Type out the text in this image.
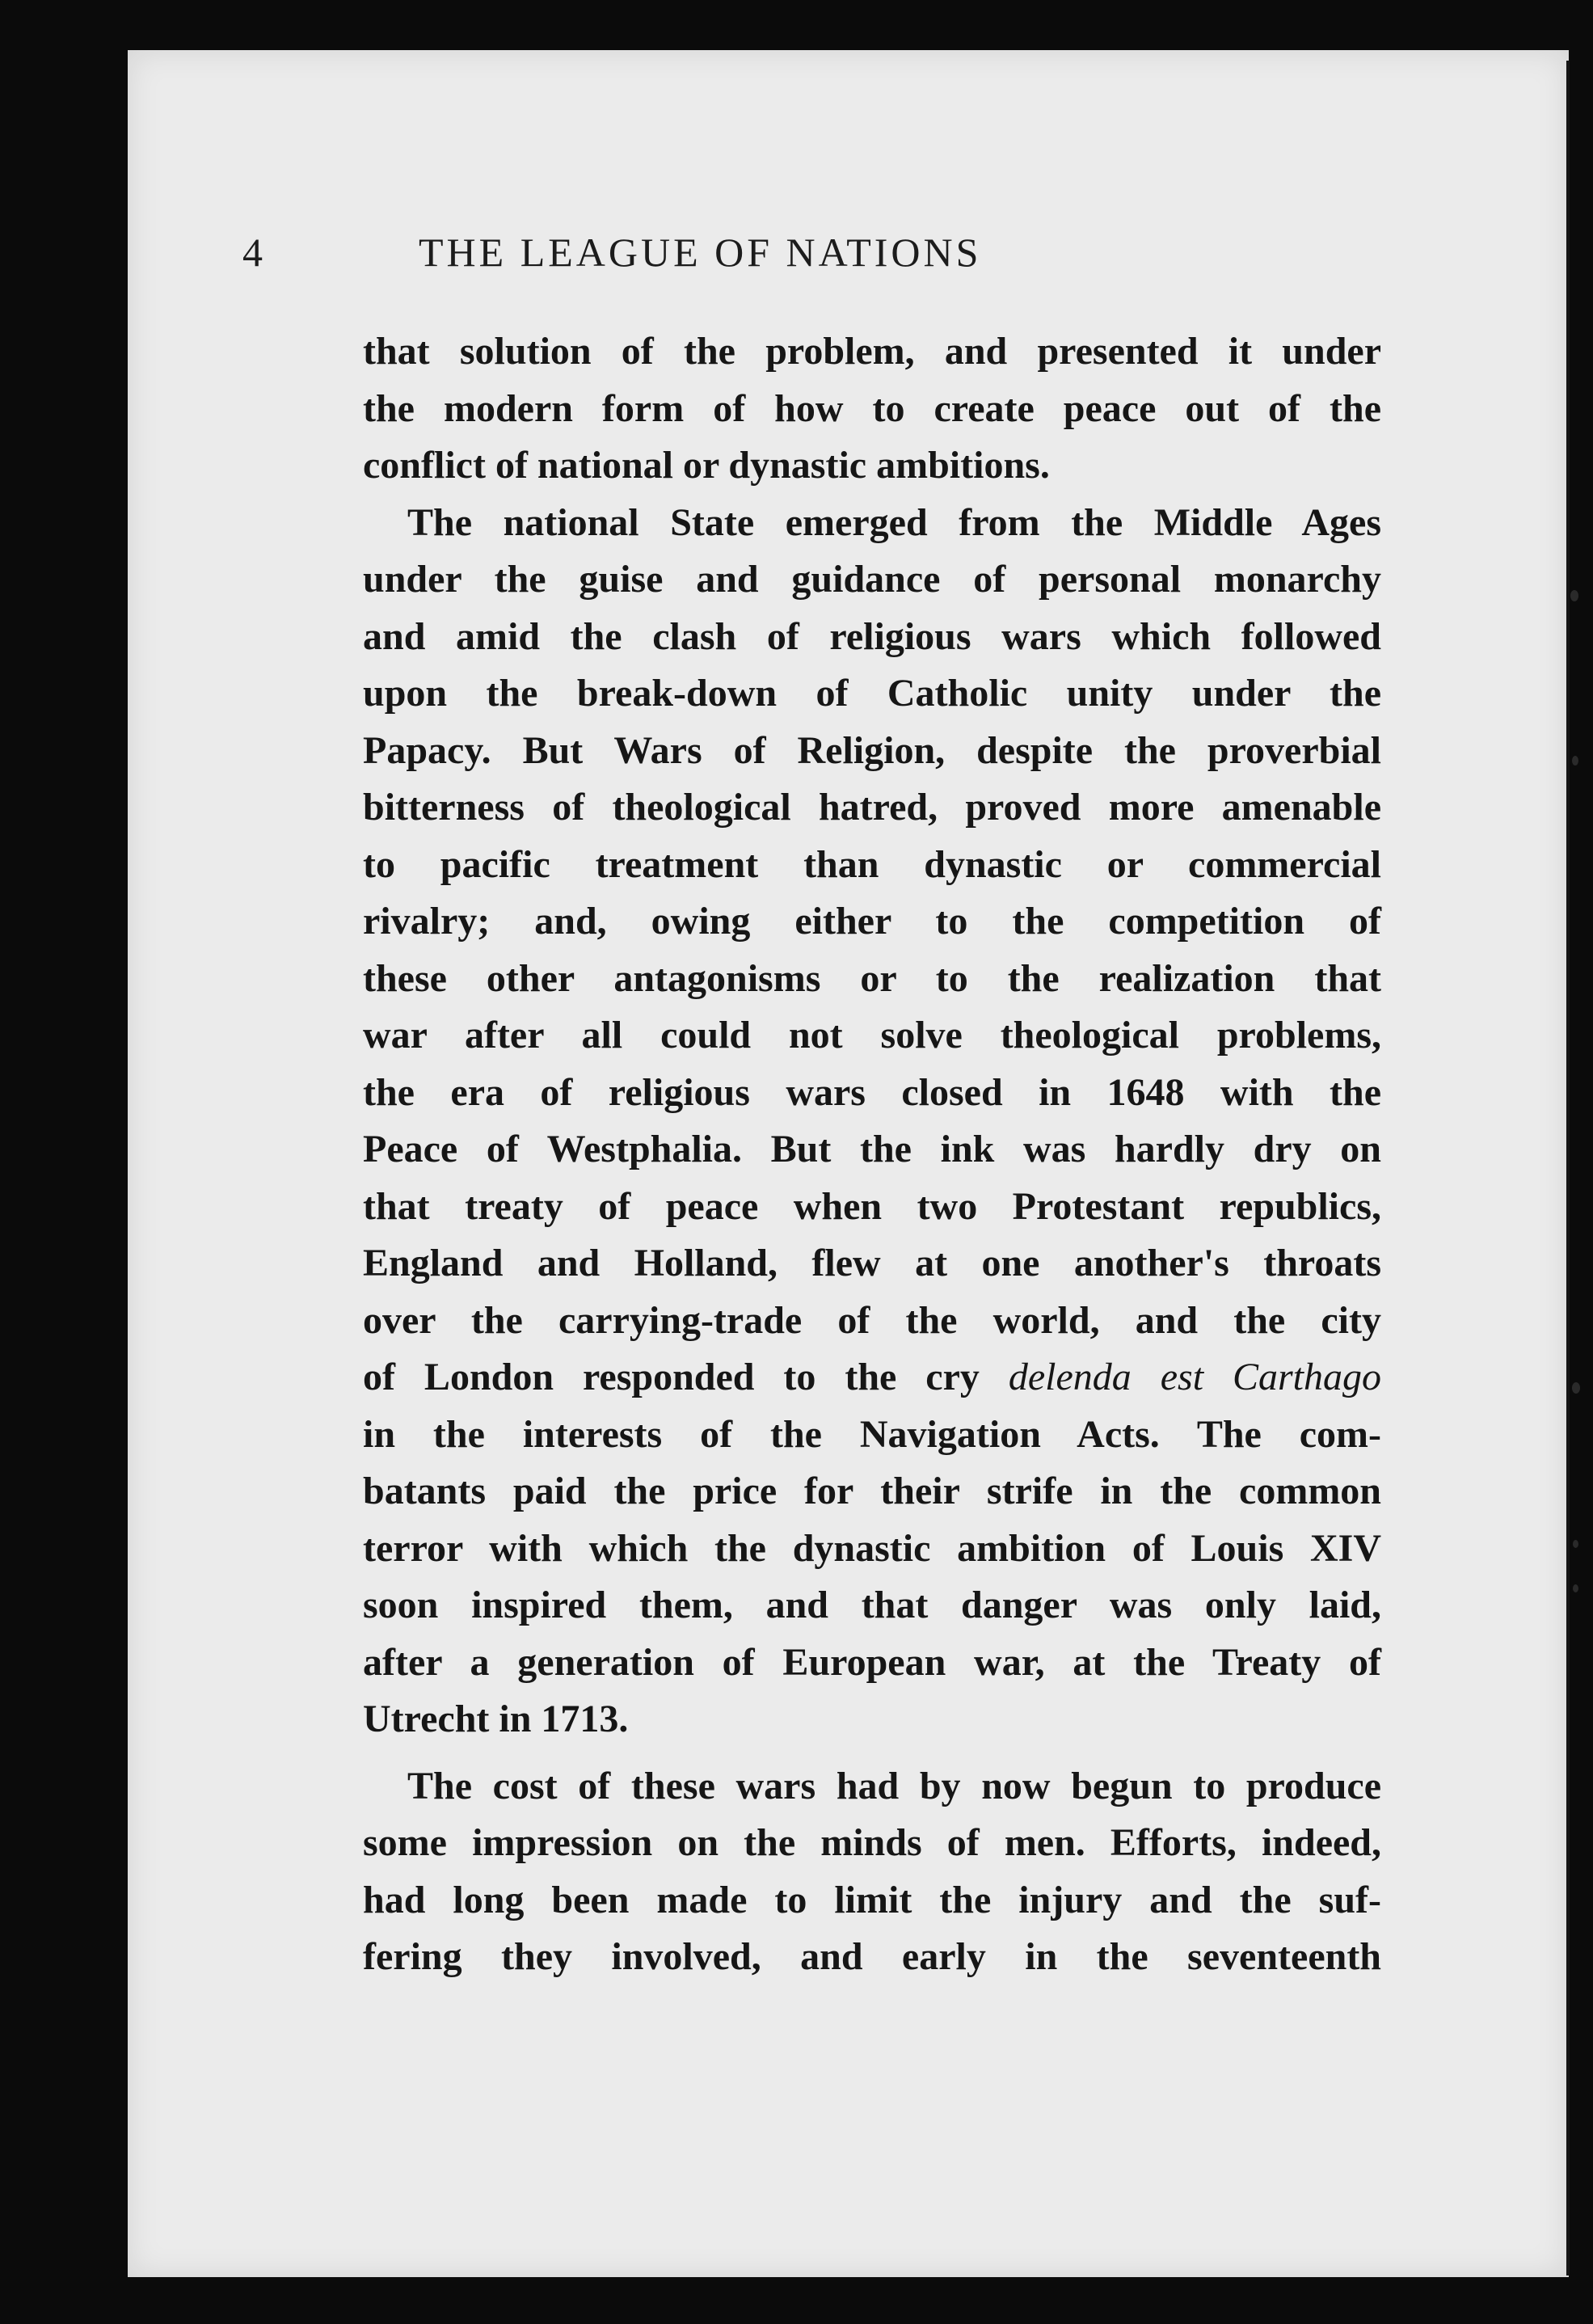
4	THE LEAGUE OF NATIONS
that solution of the problem, and presented it under
the modern form of how to create peace out of the
conflict of national or dynastic ambitions.
The national State emerged from the Middle Ages
under the guise and guidance of personal monarchy
and amid the clash of religious wars which followed
upon the break-down of Catholic unity under the
Papacy. But Wars of Religion, despite the proverbial
bitterness of theological hatred, proved more amenable
to pacific treatment than dynastic or commercial
rivalry; and, owing either to the competition of
these other antagonisms or to the realization that
war after all could not solve theological problems,
the era of religious wars closed in 1648 with the
Peace of Westphalia. But the ink was hardly dry on
that treaty of peace when two Protestant republics,
England and Holland, flew at one another's throats
over the carrying-trade of the world, and the city
of London responded to the cry delenda est Carthago
in the interests of the Navigation Acts. The com-
batants paid the price for their strife in the common
terror with which the dynastic ambition of Louis XIV
soon inspired them, and that danger was only laid,
after a generation of European war, at the Treaty of
Utrecht in 1713.
The cost of these wars had by now begun to produce
some impression on the minds of men. Efforts, indeed,
had long been made to limit the injury and the suf-
fering they involved, and early in the seventeenth
